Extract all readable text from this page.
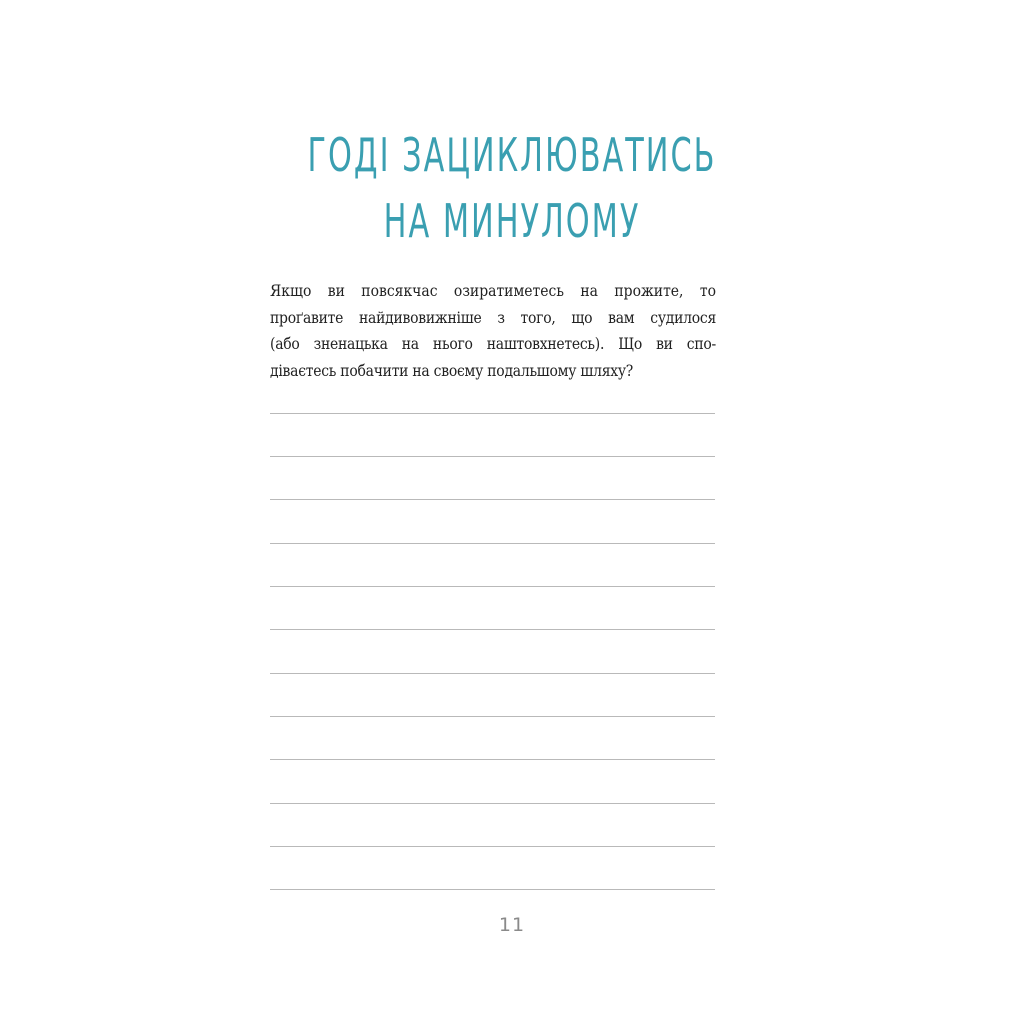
ГОДІ ЗАЦИКЛЮВАТИСЬ
НА МИНУЛОМУ

Якщо ви повсякчас озиратиметесь на прожите, то
проґавите найдивовижніше з того, що вам судилося
(або зненацька на нього наштовхнетесь). Що ви спо-
діваєтесь побачити на своєму подальшому шляху?

11
